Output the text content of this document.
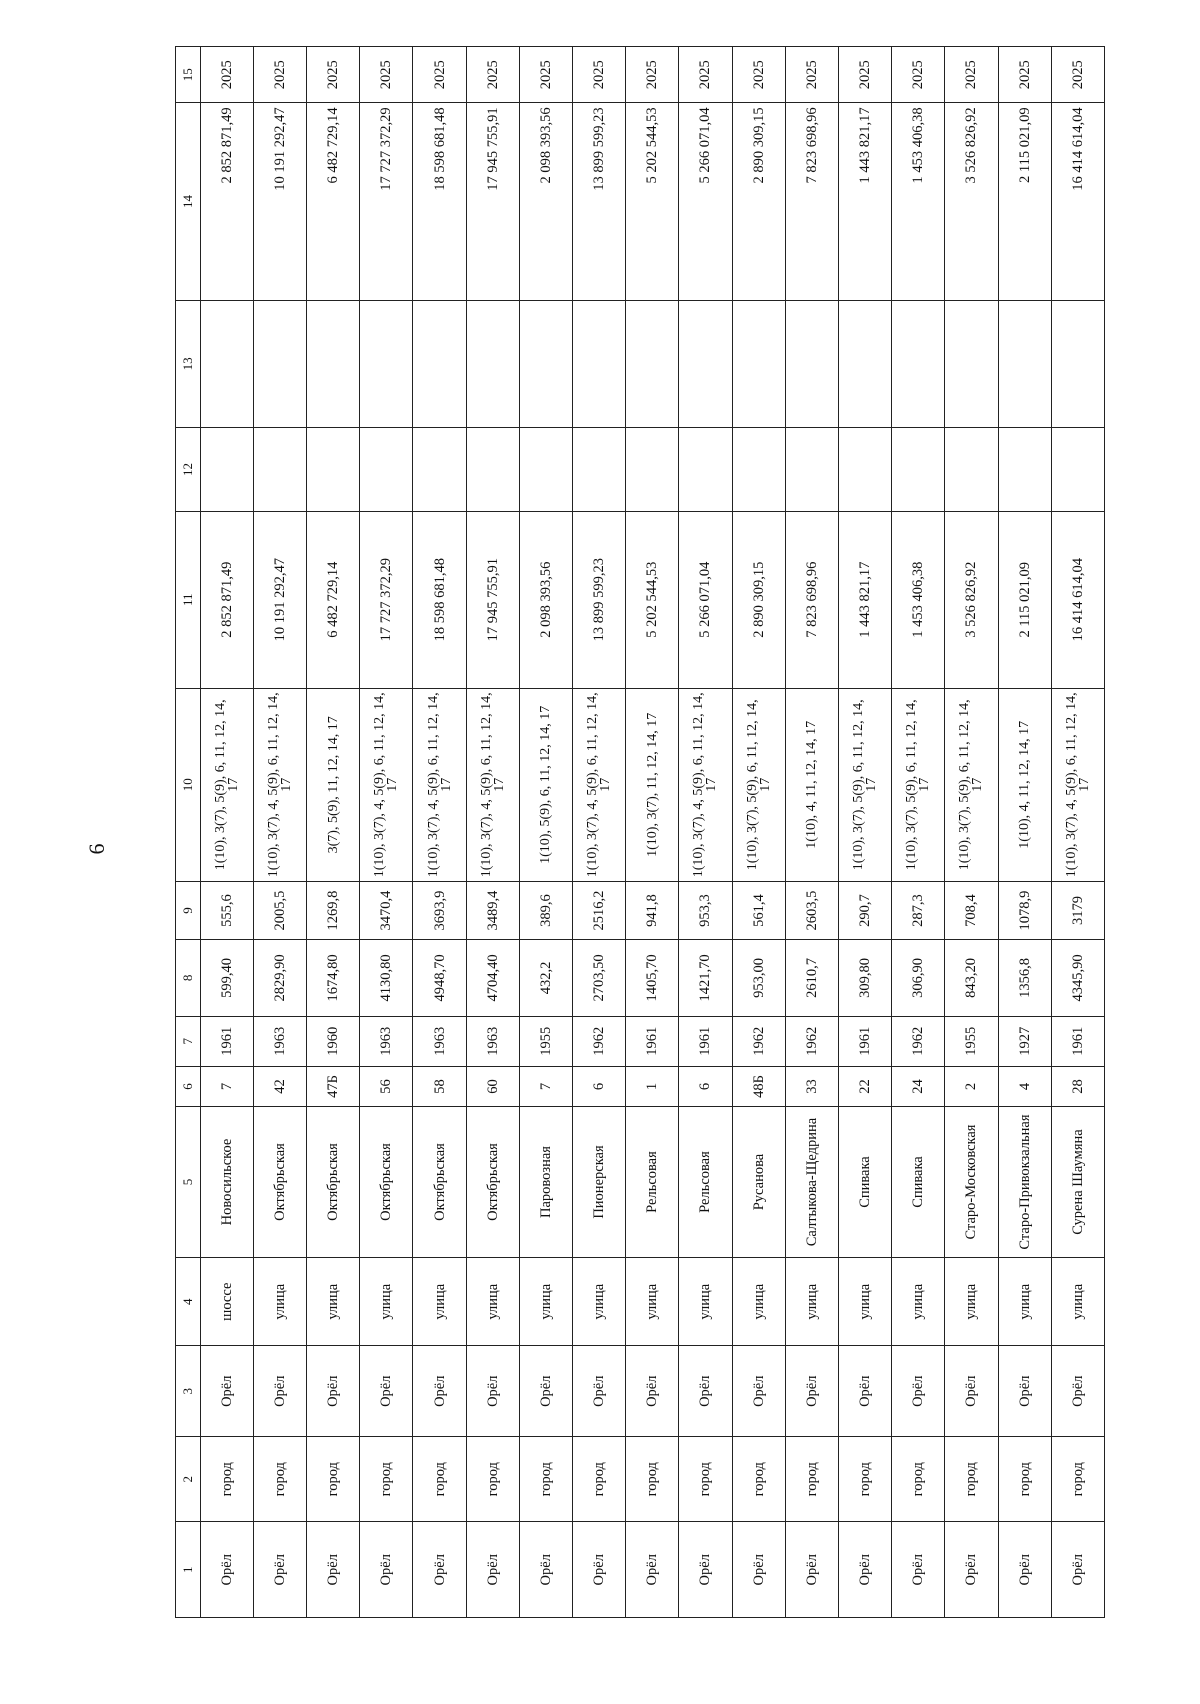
6
1	2	3	4	5	6	7	8	9	10	11	12	13	14	15
Орёл	город	Орёл	шоссе	Новосильское	7	1961	599,40	555,6	1(10), 3(7), 5(9), 6, 11, 12, 14, 17	2 852 871,49			2 852 871,49	2025
Орёл	город	Орёл	улица	Октябрьская	42	1963	2829,90	2005,5	1(10), 3(7), 4, 5(9), 6, 11, 12, 14, 17	10 191 292,47			10 191 292,47	2025
Орёл	город	Орёл	улица	Октябрьская	47Б	1960	1674,80	1269,8	3(7), 5(9), 11, 12, 14, 17	6 482 729,14			6 482 729,14	2025
Орёл	город	Орёл	улица	Октябрьская	56	1963	4130,80	3470,4	1(10), 3(7), 4, 5(9), 6, 11, 12, 14, 17	17 727 372,29			17 727 372,29	2025
Орёл	город	Орёл	улица	Октябрьская	58	1963	4948,70	3693,9	1(10), 3(7), 4, 5(9), 6, 11, 12, 14, 17	18 598 681,48			18 598 681,48	2025
Орёл	город	Орёл	улица	Октябрьская	60	1963	4704,40	3489,4	1(10), 3(7), 4, 5(9), 6, 11, 12, 14, 17	17 945 755,91			17 945 755,91	2025
Орёл	город	Орёл	улица	Паровозная	7	1955	432,2	389,6	1(10), 5(9), 6, 11, 12, 14, 17	2 098 393,56			2 098 393,56	2025
Орёл	город	Орёл	улица	Пионерская	6	1962	2703,50	2516,2	1(10), 3(7), 4, 5(9), 6, 11, 12, 14, 17	13 899 599,23			13 899 599,23	2025
Орёл	город	Орёл	улица	Рельсовая	1	1961	1405,70	941,8	1(10), 3(7), 11, 12, 14, 17	5 202 544,53			5 202 544,53	2025
Орёл	город	Орёл	улица	Рельсовая	6	1961	1421,70	953,3	1(10), 3(7), 4, 5(9), 6, 11, 12, 14, 17	5 266 071,04			5 266 071,04	2025
Орёл	город	Орёл	улица	Русанова	48Б	1962	953,00	561,4	1(10), 3(7), 5(9), 6, 11, 12, 14, 17	2 890 309,15			2 890 309,15	2025
Орёл	город	Орёл	улица	Салтыкова-Щедрина	33	1962	2610,7	2603,5	1(10), 4, 11, 12, 14, 17	7 823 698,96			7 823 698,96	2025
Орёл	город	Орёл	улица	Спивака	22	1961	309,80	290,7	1(10), 3(7), 5(9), 6, 11, 12, 14, 17	1 443 821,17			1 443 821,17	2025
Орёл	город	Орёл	улица	Спивака	24	1962	306,90	287,3	1(10), 3(7), 5(9), 6, 11, 12, 14, 17	1 453 406,38			1 453 406,38	2025
Орёл	город	Орёл	улица	Старо-Московская	2	1955	843,20	708,4	1(10), 3(7), 5(9), 6, 11, 12, 14, 17	3 526 826,92			3 526 826,92	2025
Орёл	город	Орёл	улица	Старо-Привокзальная	4	1927	1356,8	1078,9	1(10), 4, 11, 12, 14, 17	2 115 021,09			2 115 021,09	2025
Орёл	город	Орёл	улица	Сурена Шаумяна	28	1961	4345,90	3179	1(10), 3(7), 4, 5(9), 6, 11, 12, 14, 17	16 414 614,04			16 414 614,04	2025
